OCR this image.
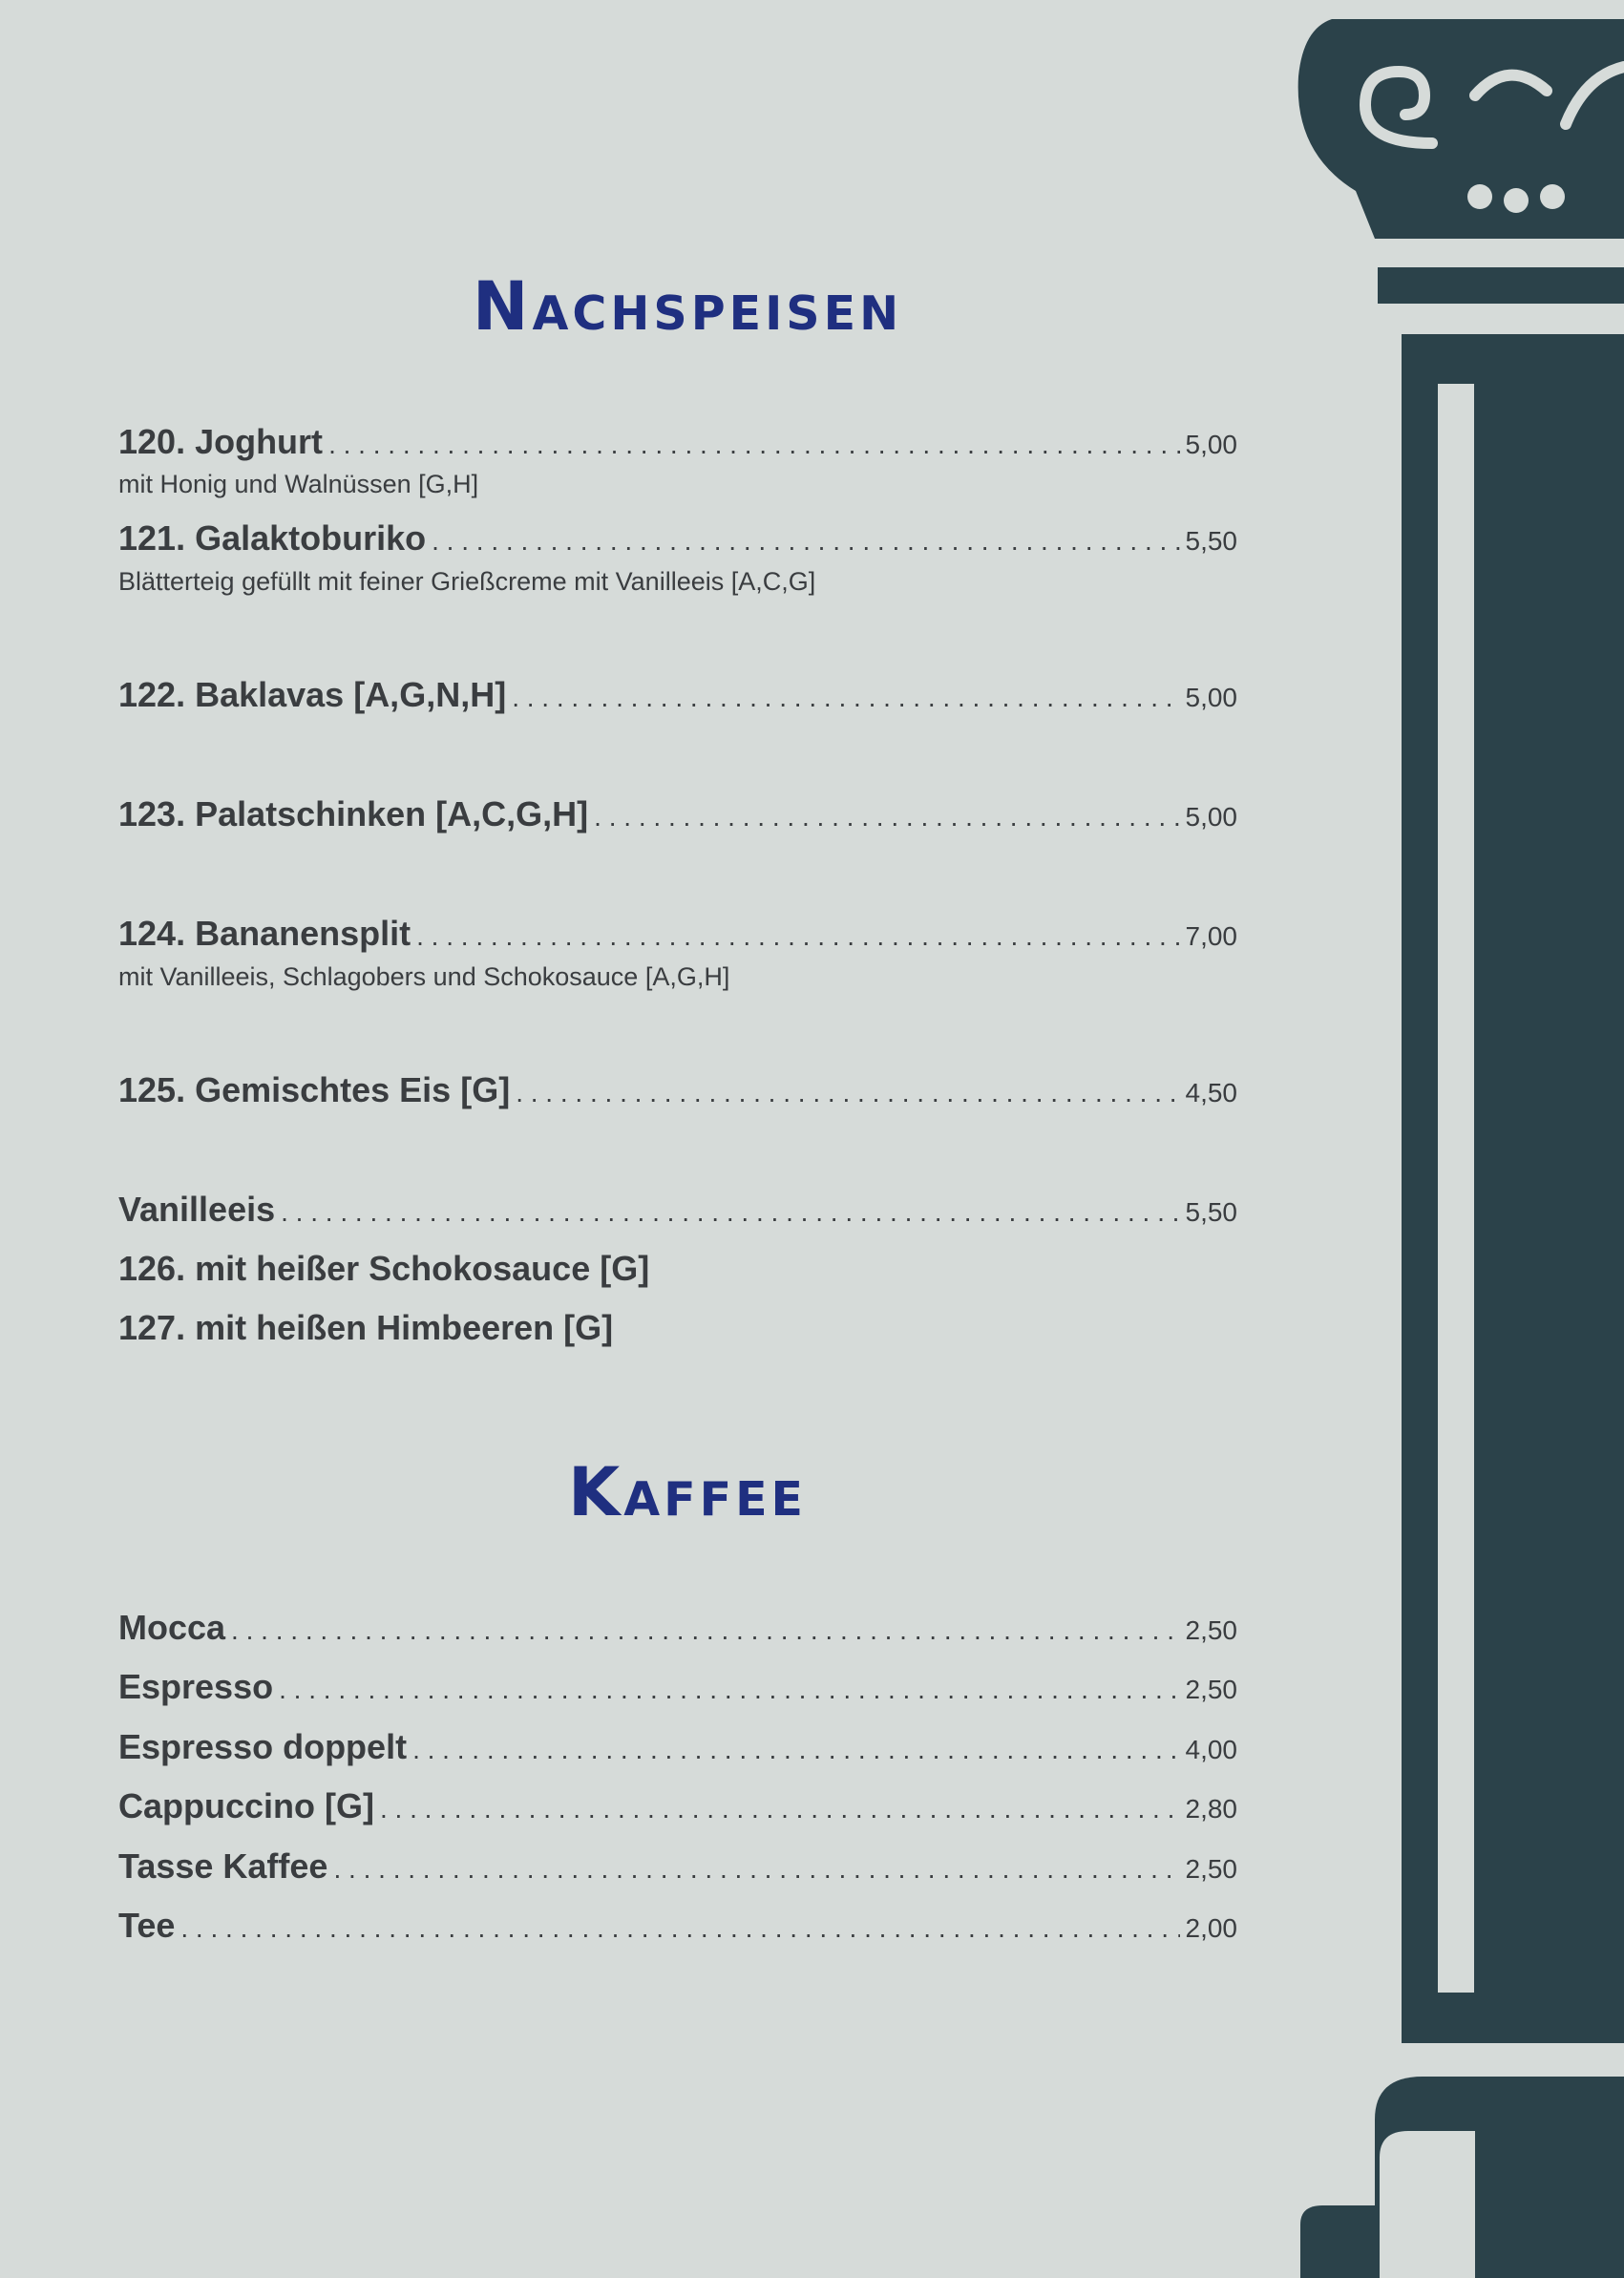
Nachspeisen
120. Joghurt . . .	5,00
mit Honig und Walnüssen [G,H]
121. Galaktoburiko . . .	5,50
Blätterteig gefüllt mit feiner Grießcreme mit Vanilleeis [A,C,G]
122. Baklavas [A,G,N,H] . . .	5,00
123. Palatschinken [A,C,G,H] . . .	5,00
124. Bananensplit . . .	7,00
mit Vanilleeis, Schlagobers und Schokosauce [A,G,H]
125. Gemischtes Eis [G] . . .	4,50
Vanilleeis . . .	5,50
126. mit heißer Schokosauce [G]
127. mit heißen Himbeeren [G]
Kaffee
Mocca . . .	2,50
Espresso . . .	2,50
Espresso doppelt . . .	4,00
Cappuccino [G] . . .	2,80
Tasse Kaffee . . .	2,50
Tee . . .	2,00
